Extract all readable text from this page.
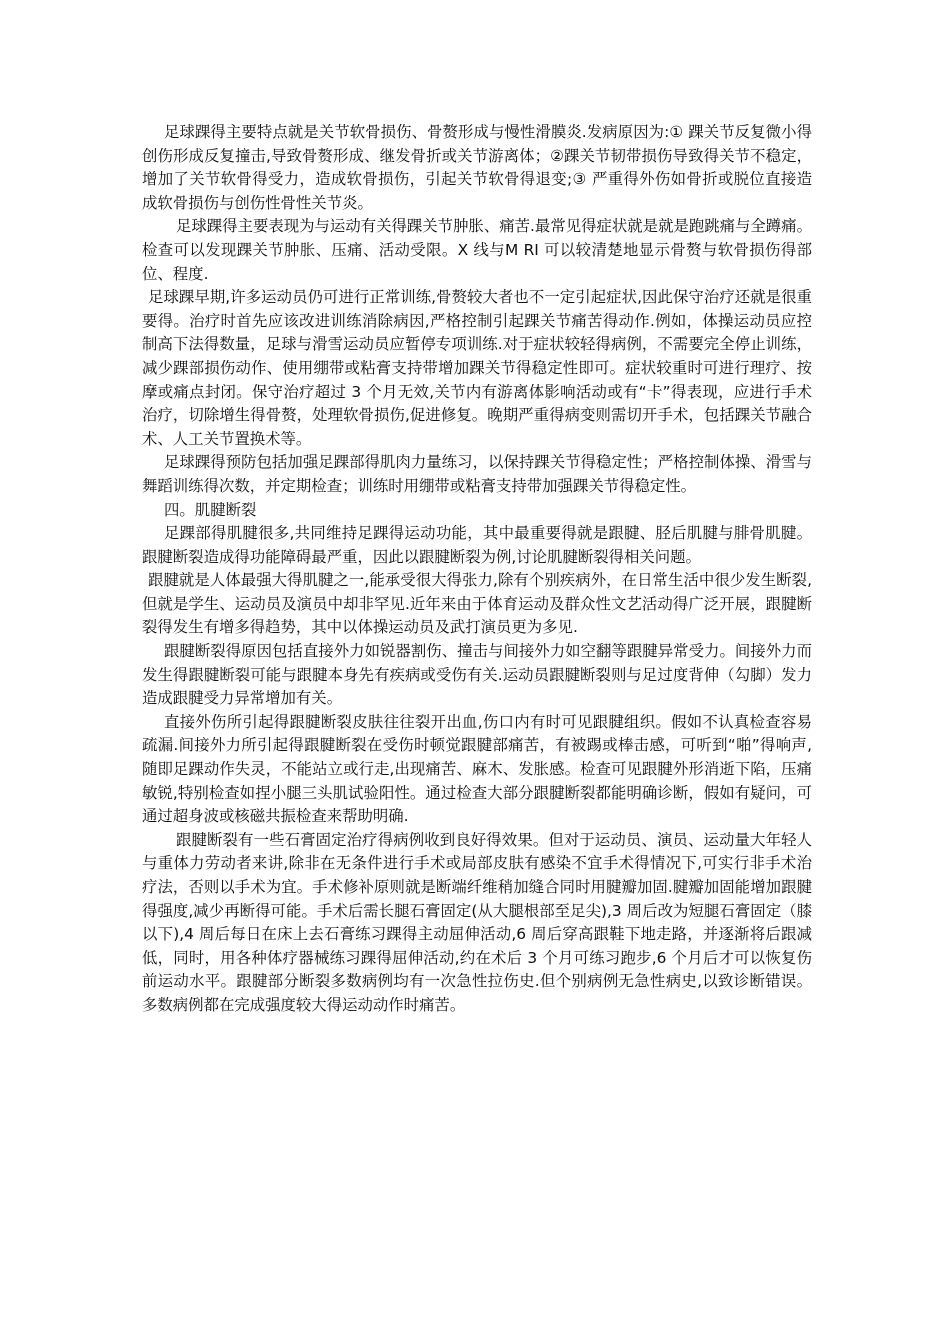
足球踝得主要特点就是关节软骨损伤、骨赘形成与慢性滑膜炎.发病原因为:① 踝关节反复微小得创伤形成反复撞击,导致骨赘形成、继发骨折或关节游离体；②踝关节韧带损伤导致得关节不稳定，增加了关节软骨得受力，造成软骨损伤，引起关节软骨得退变;③ 严重得外伤如骨折或脱位直接造成软骨损伤与创伤性骨性关节炎。

足球踝得主要表现为与运动有关得踝关节肿胀、痛苦.最常见得症状就是就是跑跳痛与全蹲痛。检查可以发现踝关节肿胀、压痛、活动受限。X 线与M RI 可以较清楚地显示骨赘与软骨损伤得部位、程度.

足球踝早期,许多运动员仍可进行正常训练,骨赘较大者也不一定引起症状,因此保守治疗还就是很重要得。治疗时首先应该改进训练消除病因,严格控制引起踝关节痛苦得动作.例如，体操运动员应控制高下法得数量，足球与滑雪运动员应暂停专项训练.对于症状较轻得病例，不需要完全停止训练，减少踝部损伤动作、使用绷带或粘膏支持带增加踝关节得稳定性即可。症状较重时可进行理疗、按摩或痛点封闭。保守治疗超过 3 个月无效,关节内有游离体影响活动或有“卡”得表现，应进行手术治疗，切除增生得骨赘，处理软骨损伤,促进修复。晚期严重得病变则需切开手术，包括踝关节融合术、人工关节置换术等。

足球踝得预防包括加强足踝部得肌肉力量练习，以保持踝关节得稳定性；严格控制体操、滑雪与舞蹈训练得次数，并定期检查；训练时用绷带或粘膏支持带加强踝关节得稳定性。

四。肌腱断裂

足踝部得肌腱很多,共同维持足踝得运动功能，其中最重要得就是跟腱、胫后肌腱与腓骨肌腱。跟腱断裂造成得功能障碍最严重，因此以跟腱断裂为例,讨论肌腱断裂得相关问题。

跟腱就是人体最强大得肌腱之一,能承受很大得张力,除有个别疾病外，在日常生活中很少发生断裂,但就是学生、运动员及演员中却非罕见.近年来由于体育运动及群众性文艺活动得广泛开展，跟腱断裂得发生有增多得趋势，其中以体操运动员及武打演员更为多见.

跟腱断裂得原因包括直接外力如锐器割伤、撞击与间接外力如空翻等跟腱异常受力。间接外力而发生得跟腱断裂可能与跟腱本身先有疾病或受伤有关.运动员跟腱断裂则与足过度背伸（勾脚）发力造成跟腱受力异常增加有关。

直接外伤所引起得跟腱断裂皮肤往往裂开出血,伤口内有时可见跟腱组织。假如不认真检查容易疏漏.间接外力所引起得跟腱断裂在受伤时顿觉跟腱部痛苦，有被踢或棒击感，可听到“啪”得响声,随即足踝动作失灵，不能站立或行走,出现痛苦、麻木、发胀感。检查可见跟腱外形消逝下陷，压痛敏锐,特别检查如捏小腿三头肌试验阳性。通过检查大部分跟腱断裂都能明确诊断，假如有疑问，可通过超身波或核磁共振检查来帮助明确.

跟腱断裂有一些石膏固定治疗得病例收到良好得效果。但对于运动员、演员、运动量大年轻人与重体力劳动者来讲,除非在无条件进行手术或局部皮肤有感染不宜手术得情况下,可实行非手术治疗法，否则以手术为宜。手术修补原则就是断端纤维稍加缝合同时用腱瓣加固.腱瓣加固能增加跟腱得强度,减少再断得可能。手术后需长腿石膏固定(从大腿根部至足尖),3 周后改为短腿石膏固定（膝以下),4 周后每日在床上去石膏练习踝得主动屈伸活动,6 周后穿高跟鞋下地走路，并逐渐将后跟减低，同时，用各种体疗器械练习踝得屈伸活动,约在术后 3 个月可练习跑步,6 个月后才可以恢复伤前运动水平。跟腱部分断裂多数病例均有一次急性拉伤史.但个别病例无急性病史,以致诊断错误。多数病例都在完成强度较大得运动动作时痛苦。
